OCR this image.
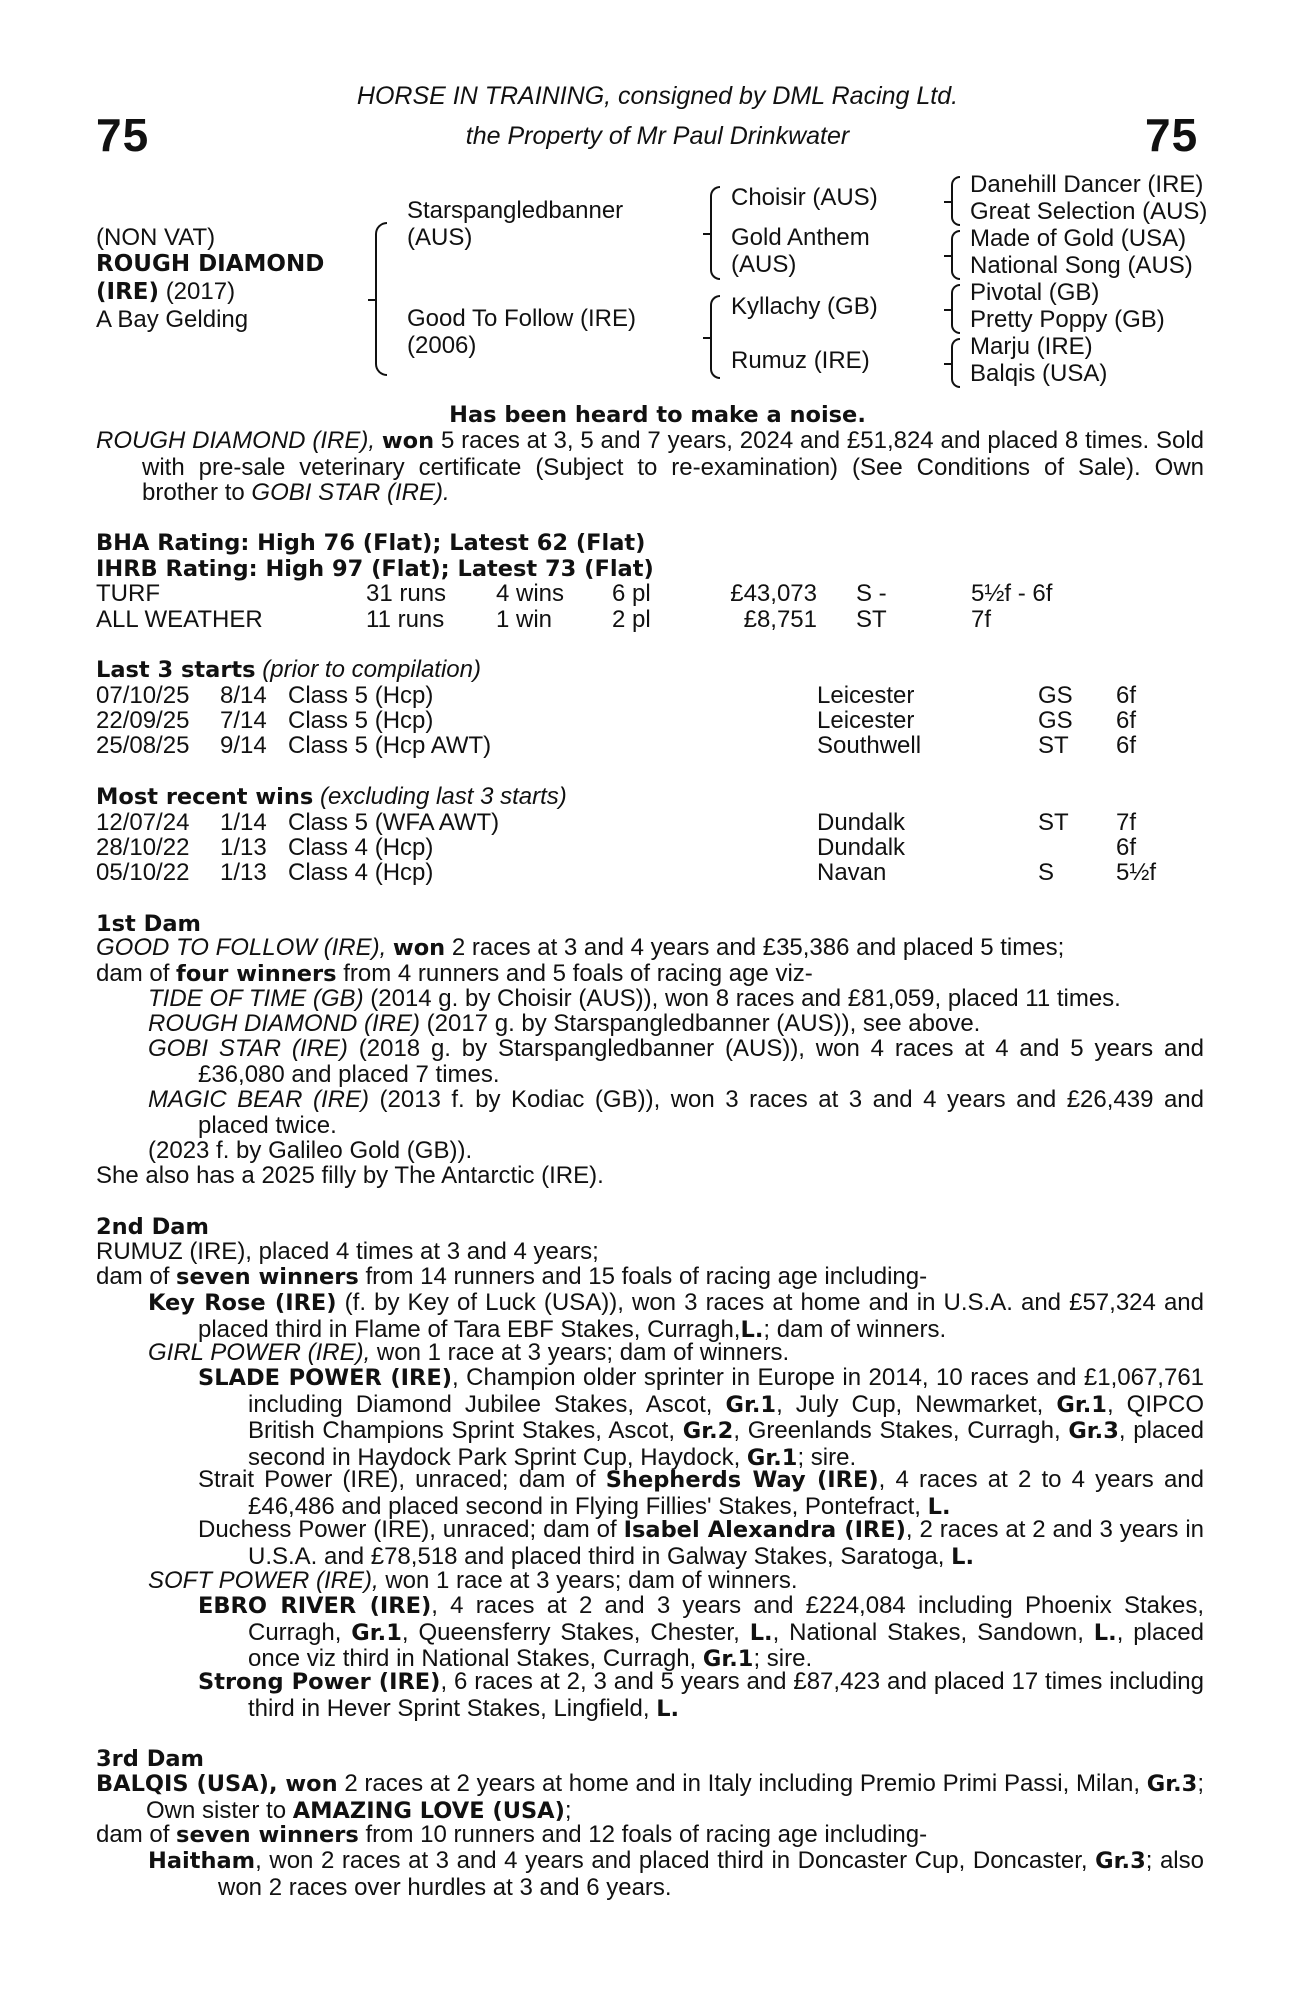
75	75
HORSE IN TRAINING, consigned by DML Racing Ltd.
the Property of Mr Paul Drinkwater
(NON VAT)
ROUGH DIAMOND
(IRE) (2017)
A Bay Gelding
Starspangledbanner (AUS)
Good To Follow (IRE) (2006)
Choisir (AUS)
Gold Anthem (AUS)
Kyllachy (GB)
Rumuz (IRE)
Danehill Dancer (IRE)
Great Selection (AUS)
Made of Gold (USA)
National Song (AUS)
Pivotal (GB)
Pretty Poppy (GB)
Marju (IRE)
Balqis (USA)
Has been heard to make a noise.
ROUGH DIAMOND (IRE), won 5 races at 3, 5 and 7 years, 2024 and £51,824 and placed 8 times. Sold with pre-sale veterinary certificate (Subject to re-examination) (See Conditions of Sale). Own brother to GOBI STAR (IRE).
BHA Rating: High 76 (Flat); Latest 62 (Flat)
IHRB Rating: High 97 (Flat); Latest 73 (Flat)
TURF	31 runs 4 wins 6 pl	£43,073 S -	5½f - 6f
ALL WEATHER	11 runs 1 win 2 pl	£8,751 ST	7f
Last 3 starts (prior to compilation)
07/10/25 8/14 Class 5 (Hcp)	Leicester	GS 6f
22/09/25 7/14 Class 5 (Hcp)	Leicester	GS 6f
25/08/25 9/14 Class 5 (Hcp AWT)	Southwell	ST 6f
Most recent wins (excluding last 3 starts)
12/07/24 1/14 Class 5 (WFA AWT)	Dundalk	ST 7f
28/10/22 1/13 Class 4 (Hcp)	Dundalk	6f
05/10/22 1/13 Class 4 (Hcp)	Navan	S	5½f
1st Dam
GOOD TO FOLLOW (IRE), won 2 races at 3 and 4 years and £35,386 and placed 5 times;
dam of four winners from 4 runners and 5 foals of racing age viz-
TIDE OF TIME (GB) (2014 g. by Choisir (AUS)), won 8 races and £81,059, placed 11 times.
ROUGH DIAMOND (IRE) (2017 g. by Starspangledbanner (AUS)), see above.
GOBI STAR (IRE) (2018 g. by Starspangledbanner (AUS)), won 4 races at 4 and 5 years and £36,080 and placed 7 times.
MAGIC BEAR (IRE) (2013 f. by Kodiac (GB)), won 3 races at 3 and 4 years and £26,439 and placed twice.
(2023 f. by Galileo Gold (GB)).
She also has a 2025 filly by The Antarctic (IRE).
2nd Dam
RUMUZ (IRE), placed 4 times at 3 and 4 years;
dam of seven winners from 14 runners and 15 foals of racing age including-
Key Rose (IRE) (f. by Key of Luck (USA)), won 3 races at home and in U.S.A. and £57,324 and placed third in Flame of Tara EBF Stakes, Curragh,L.; dam of winners.
GIRL POWER (IRE), won 1 race at 3 years; dam of winners.
SLADE POWER (IRE), Champion older sprinter in Europe in 2014, 10 races and £1,067,761 including Diamond Jubilee Stakes, Ascot, Gr.1, July Cup, Newmarket, Gr.1, QIPCO British Champions Sprint Stakes, Ascot, Gr.2, Greenlands Stakes, Curragh, Gr.3, placed second in Haydock Park Sprint Cup, Haydock, Gr.1; sire.
Strait Power (IRE), unraced; dam of Shepherds Way (IRE), 4 races at 2 to 4 years and £46,486 and placed second in Flying Fillies' Stakes, Pontefract, L.
Duchess Power (IRE), unraced; dam of Isabel Alexandra (IRE), 2 races at 2 and 3 years in U.S.A. and £78,518 and placed third in Galway Stakes, Saratoga, L.
SOFT POWER (IRE), won 1 race at 3 years; dam of winners.
EBRO RIVER (IRE), 4 races at 2 and 3 years and £224,084 including Phoenix Stakes, Curragh, Gr.1, Queensferry Stakes, Chester, L., National Stakes, Sandown, L., placed once viz third in National Stakes, Curragh, Gr.1; sire.
Strong Power (IRE), 6 races at 2, 3 and 5 years and £87,423 and placed 17 times including third in Hever Sprint Stakes, Lingfield, L.
3rd Dam
BALQIS (USA), won 2 races at 2 years at home and in Italy including Premio Primi Passi, Milan, Gr.3; Own sister to AMAZING LOVE (USA);
dam of seven winners from 10 runners and 12 foals of racing age including-
Haitham, won 2 races at 3 and 4 years and placed third in Doncaster Cup, Doncaster, Gr.3; also won 2 races over hurdles at 3 and 6 years.
